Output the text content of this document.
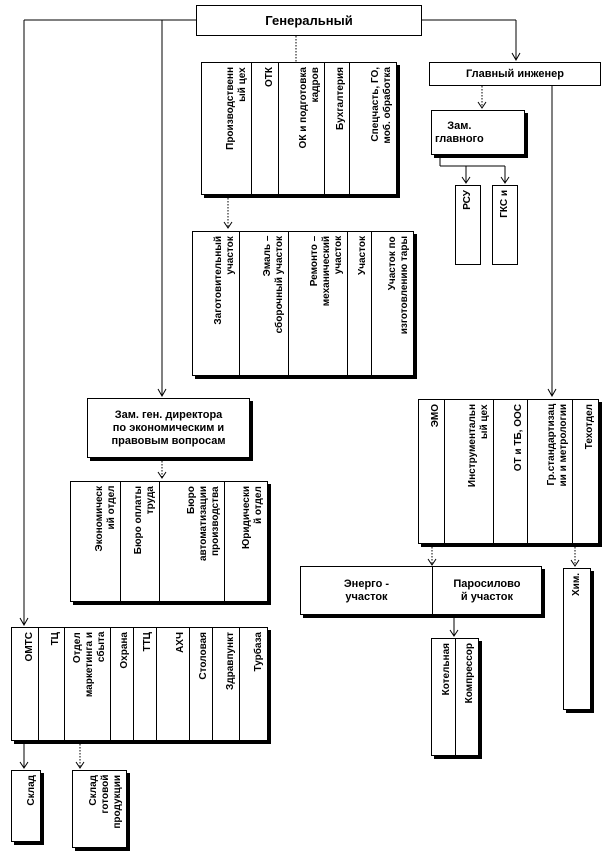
Генеральный
Главный инженер
Зам.
главного
РСУ	ГКС и
Производственн
ый цех ОТК
ОК и подготовка
кадров Бухгалтерия Спецчасть, ГО,
моб. обработка
Заготовительный
участок	Эмаль –
сборочный участок Ремонто –
механический
участок Участок Участок по
изготовлению тары
Зам. ген. директора
по экономическим и
правовым вопросам
Экономическ
ий отдел
Бюро оплаты
труда	Бюро
автоматизации
производства Юридически
й отдел
ЭМО	Инструментальн
ый цех ОТ и ТБ, ООС Гр.стандартизац
ии и метрологии Техотдел
Энерго -
участок
Паросилово
й участок
Хим.
Котельная Компрессор
ОМТС ТЦ Отдел
маркетинга и
сбыта Охрана ТТЦ АХЧ Столовая Здравпункт Турбаза
Склад	Склад
готовой
продукции
